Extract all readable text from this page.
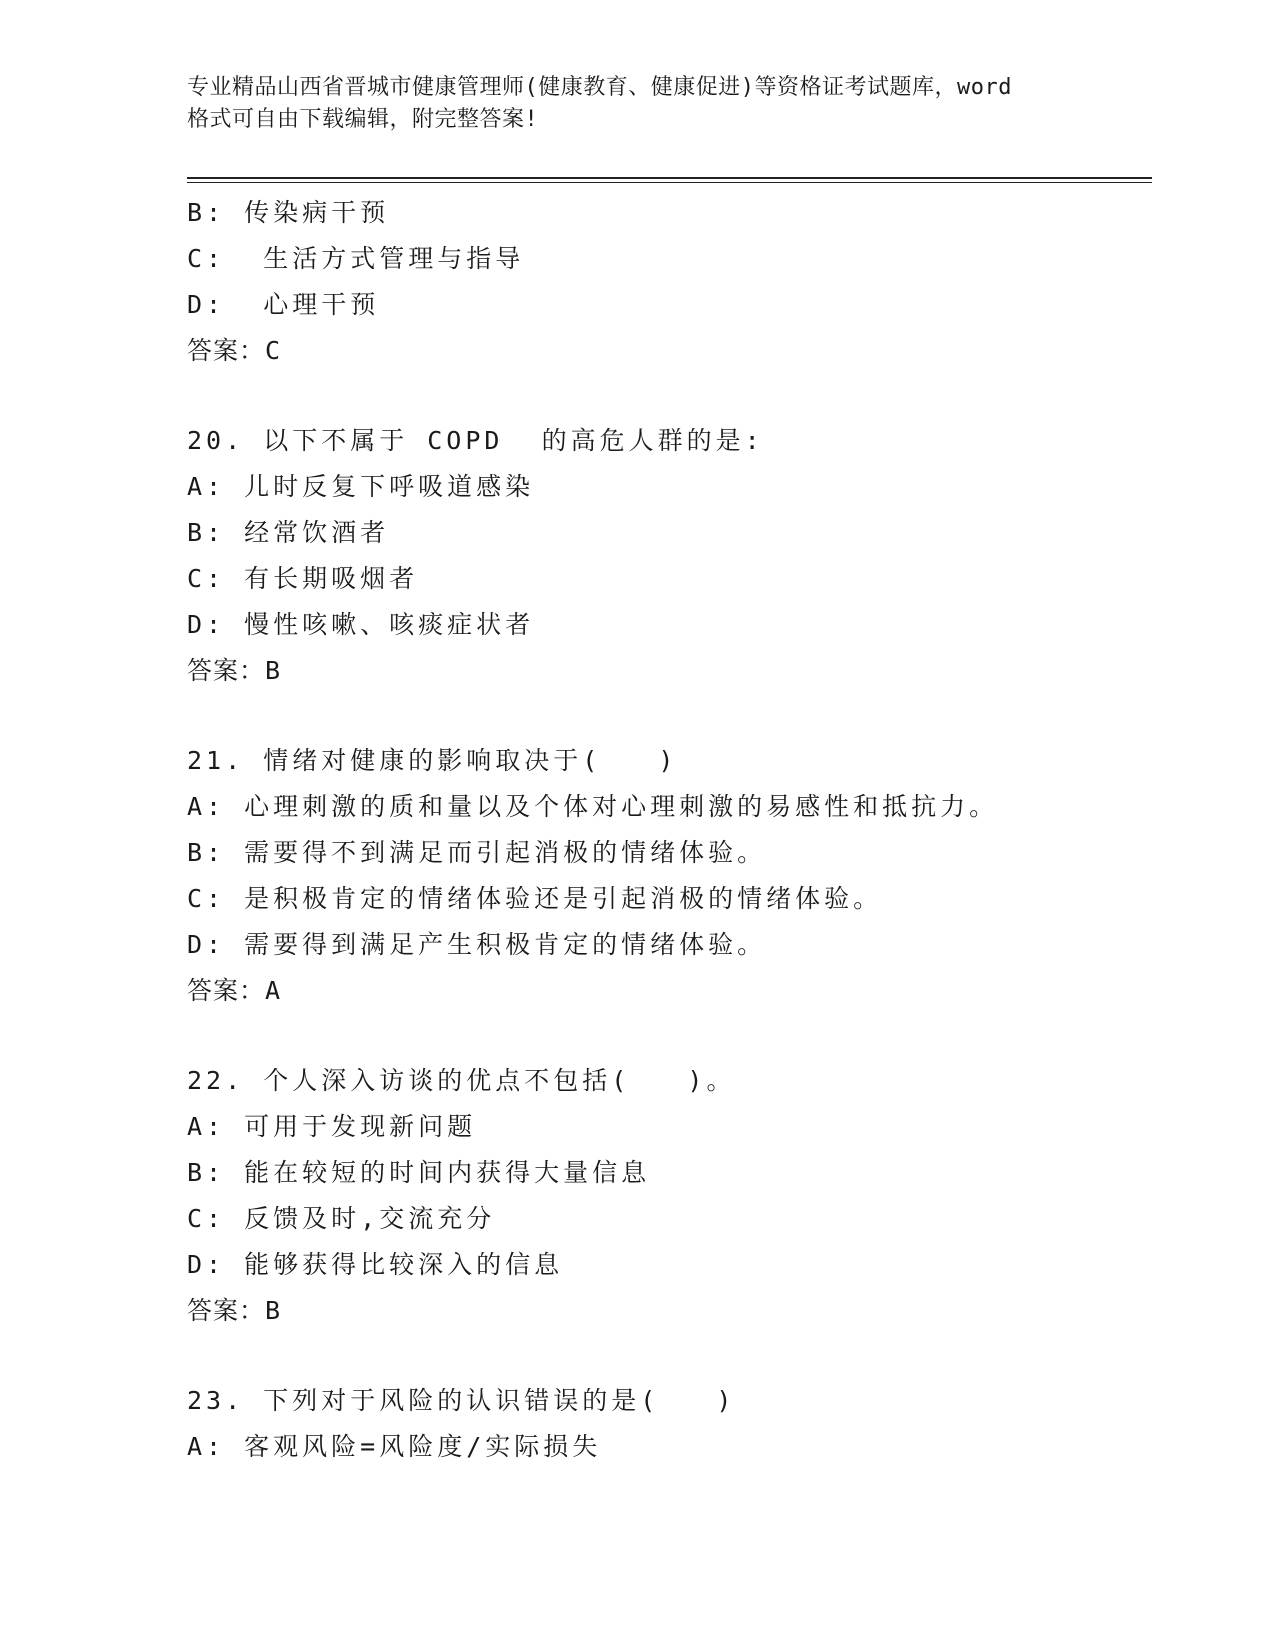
专业精品山西省晋城市健康管理师(健康教育、健康促进)等资格证考试题库，word
格式可自由下载编辑，附完整答案!
B: 传染病干预
C:  生活方式管理与指导
D:  心理干预
答案：C
20. 以下不属于 COPD  的高危人群的是:
A: 儿时反复下呼吸道感染
B: 经常饮酒者
C: 有长期吸烟者
D: 慢性咳嗽、咳痰症状者
答案：B
21. 情绪对健康的影响取决于(   )
A: 心理刺激的质和量以及个体对心理刺激的易感性和抵抗力。
B: 需要得不到满足而引起消极的情绪体验。
C: 是积极肯定的情绪体验还是引起消极的情绪体验。
D: 需要得到满足产生积极肯定的情绪体验。
答案：A
22. 个人深入访谈的优点不包括(   )。
A: 可用于发现新问题
B: 能在较短的时间内获得大量信息
C: 反馈及时,交流充分
D: 能够获得比较深入的信息
答案：B
23. 下列对于风险的认识错误的是(   )
A: 客观风险=风险度/实际损失
